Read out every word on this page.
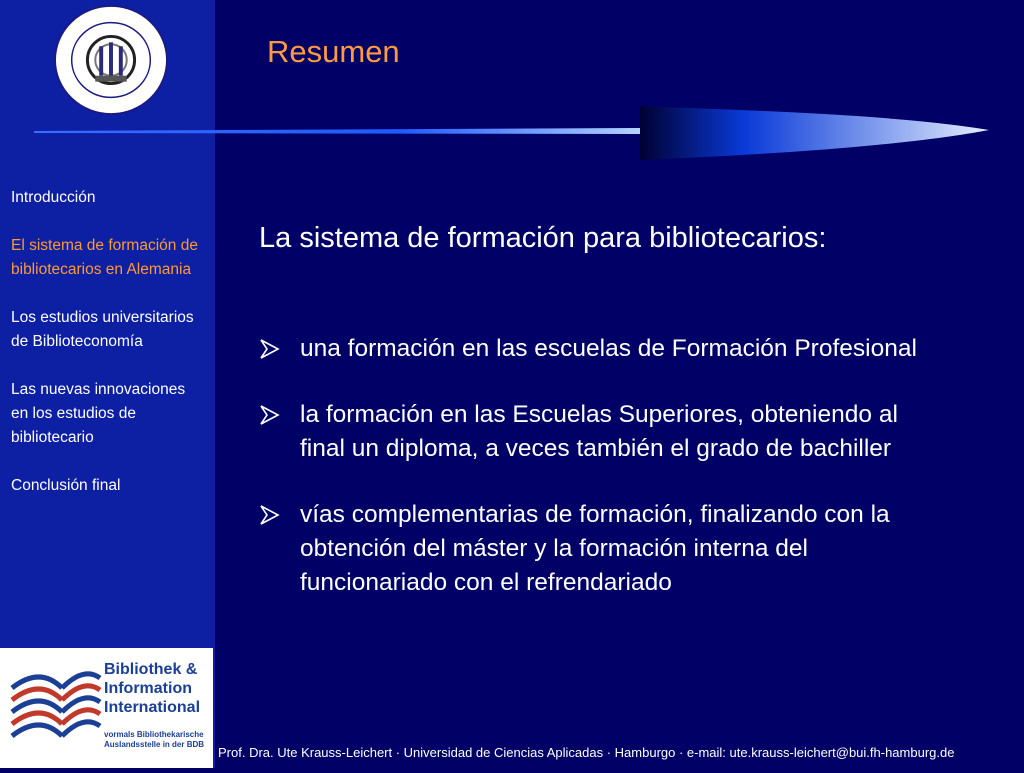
Introducción
El sistema de formación de bibliotecarios en Alemania
Los estudios universitarios de Biblioteconomía
Las nuevas innovaciones en los estudios de bibliotecario
Conclusión final
Bibliothek &
Information
International
vormals Bibliothekarische
Auslandsstelle in der BDB
Resumen
La sistema de formación para bibliotecarios:
una formación en las escuelas de Formación Profesional
la formación en las Escuelas Superiores, obteniendo al final un diploma, a veces también el grado de bachiller
vías complementarias de formación, finalizando con la obtención del máster y la formación interna del funcionariado con el refrendariado
Prof. Dra. Ute Krauss-Leichert · Universidad de Ciencias Aplicadas · Hamburgo · e-mail: ute.krauss-leichert@bui.fh-hamburg.de
